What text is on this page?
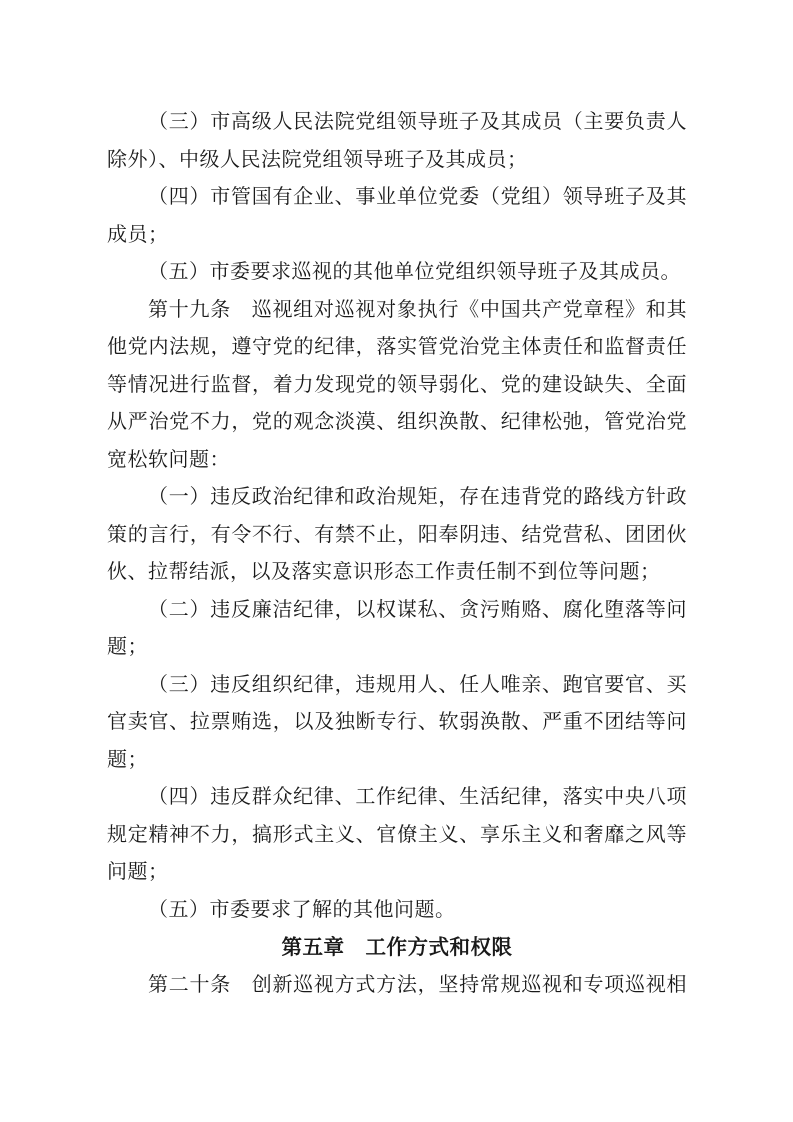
（三）市高级人民法院党组领导班子及其成员（主要负责人
除外）、中级人民法院党组领导班子及其成员；
（四）市管国有企业、事业单位党委（党组）领导班子及其
成员；
（五）市委要求巡视的其他单位党组织领导班子及其成员。
第十九条　巡视组对巡视对象执行《中国共产党章程》和其
他党内法规，遵守党的纪律，落实管党治党主体责任和监督责任
等情况进行监督，着力发现党的领导弱化、党的建设缺失、全面
从严治党不力，党的观念淡漠、组织涣散、纪律松弛，管党治党
宽松软问题：
（一）违反政治纪律和政治规矩，存在违背党的路线方针政
策的言行，有令不行、有禁不止，阳奉阴违、结党营私、团团伙
伙、拉帮结派，以及落实意识形态工作责任制不到位等问题；
（二）违反廉洁纪律，以权谋私、贪污贿赂、腐化堕落等问
题；
（三）违反组织纪律，违规用人、任人唯亲、跑官要官、买
官卖官、拉票贿选，以及独断专行、软弱涣散、严重不团结等问
题；
（四）违反群众纪律、工作纪律、生活纪律，落实中央八项
规定精神不力，搞形式主义、官僚主义、享乐主义和奢靡之风等
问题；
（五）市委要求了解的其他问题。
第五章　工作方式和权限
第二十条　创新巡视方式方法，坚持常规巡视和专项巡视相
